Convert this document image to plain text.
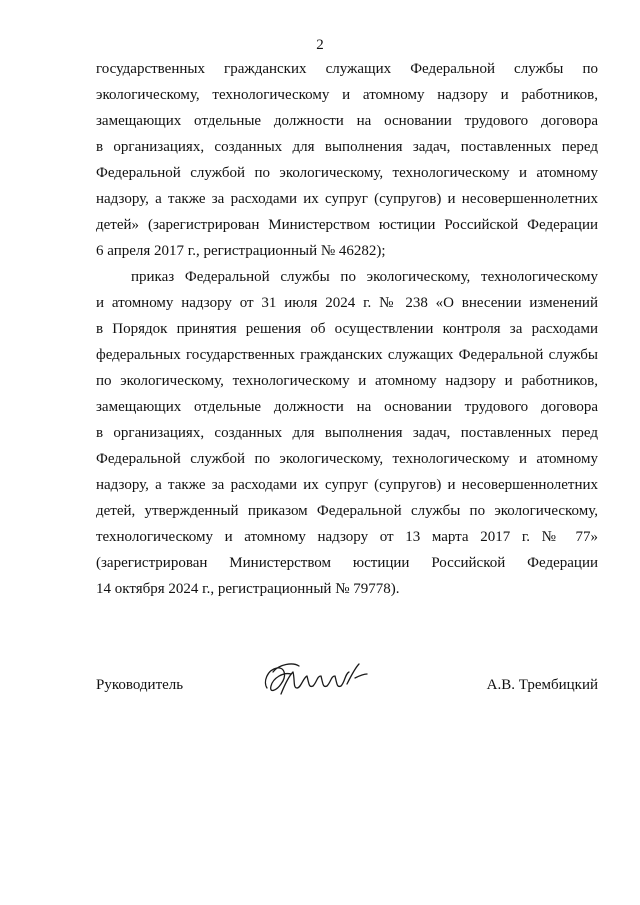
2
государственных гражданских служащих Федеральной службы по
экологическому, технологическому и атомному надзору и работников,
замещающих отдельные должности на основании трудового договора
в организациях, созданных для выполнения задач, поставленных перед
Федеральной службой по экологическому, технологическому и атомному
надзору, а также за расходами их супруг (супругов) и несовершеннолетних
детей» (зарегистрирован Министерством юстиции Российской Федерации
6 апреля 2017 г., регистрационный № 46282);
приказ Федеральной службы по экологическому, технологическому
и атомному надзору от 31 июля 2024 г. № 238 «О внесении изменений
в Порядок принятия решения об осуществлении контроля за расходами
федеральных государственных гражданских служащих Федеральной службы
по экологическому, технологическому и атомному надзору и работников,
замещающих отдельные должности на основании трудового договора
в организациях, созданных для выполнения задач, поставленных перед
Федеральной службой по экологическому, технологическому и атомному
надзору, а также за расходами их супруг (супругов) и несовершеннолетних
детей, утвержденный приказом Федеральной службы по экологическому,
технологическому и атомному надзору от 13 марта 2017 г. № 77»
(зарегистрирован Министерством юстиции Российской Федерации
14 октября 2024 г., регистрационный № 79778).
Руководитель	А.В. Трембицкий
